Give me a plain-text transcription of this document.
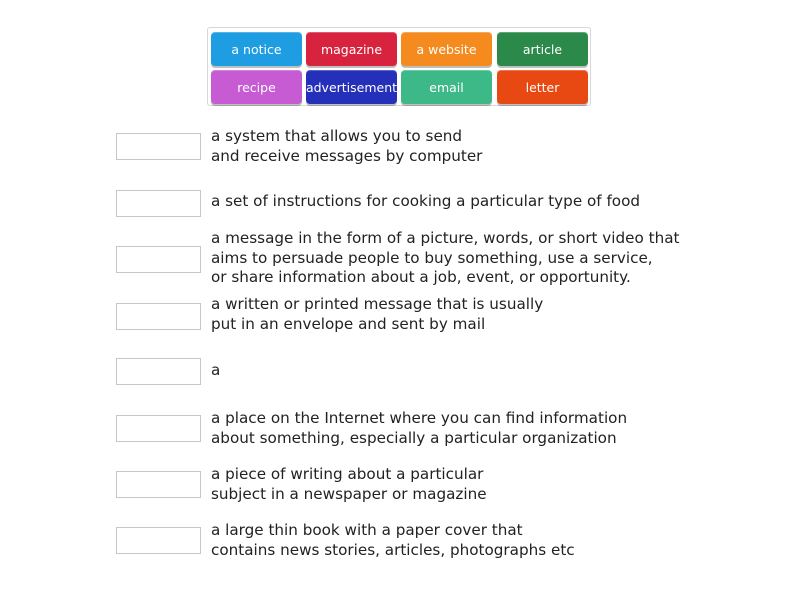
a notice	magazine	a website	article
recipe	advertisement	email	letter
a system that allows you to send
and receive messages by computer
a set of instructions for cooking a particular type of food
a message in the form of a picture, words, or short video that
aims to persuade people to buy something, use a service,
or share information about a job, event, or opportunity.
a written or printed message that is usually
put in an envelope and sent by mail
a
a place on the Internet where you can find information
about something, especially a particular organization
a piece of writing about a particular
subject in a newspaper or magazine
a large thin book with a paper cover that
contains news stories, articles, photographs etc
